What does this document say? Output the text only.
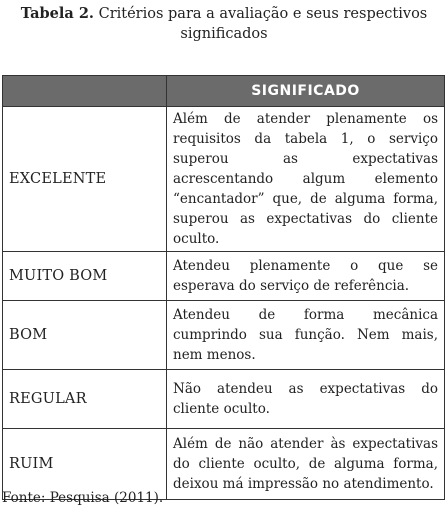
Tabela 2. Critérios para a avaliação e seus respectivos significados
	SIGNIFICADO
EXCELENTE	Além de atender plenamente os requisitos da tabela 1, o serviço superou as expectativas acrescentando algum elemento “encantador” que, de alguma forma, superou as expectativas do cliente oculto.
MUITO BOM	Atendeu plenamente o que se esperava do serviço de referência.
BOM	Atendeu de forma mecânica cumprindo sua função. Nem mais, nem menos.
REGULAR	Não atendeu as expectativas do cliente oculto.
RUIM	Além de não atender às expectativas do cliente oculto, de alguma forma, deixou má impressão no atendimento.
Fonte: Pesquisa (2011).
